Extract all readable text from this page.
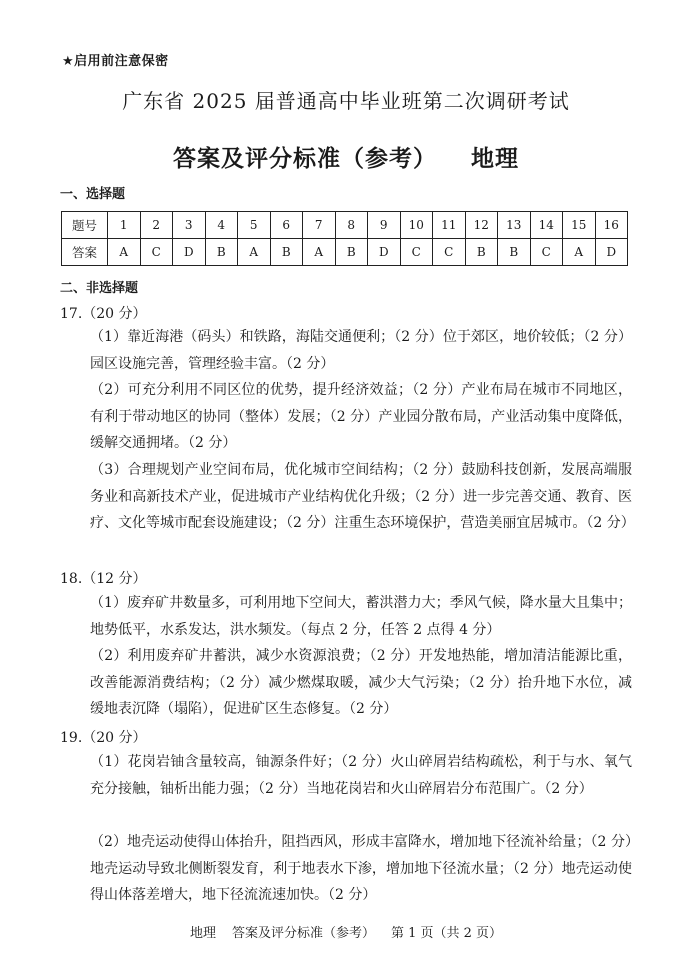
★启用前注意保密
广东省 2025 届普通高中毕业班第二次调研考试
答案及评分标准（参考） 地理
一、选择题
题号	1	2	3	4	5	6	7	8	9	10	11	12	13	14	15	16
答案	A	C	D	B	A	B	A	B	D	C	C	B	B	C	A	D
二、非选择题
17.（20 分）

（1）靠近海港（码头）和铁路，海陆交通便利；（2 分）位于郊区，地价较低；（2 分）园区设施完善，管理经验丰富。（2 分）

（2）可充分利用不同区位的优势，提升经济效益；（2 分）产业布局在城市不同地区，有利于带动地区的协同（整体）发展；（2 分）产业园分散布局，产业活动集中度降低，缓解交通拥堵。（2 分）

（3）合理规划产业空间布局，优化城市空间结构；（2 分）鼓励科技创新，发展高端服务业和高新技术产业，促进城市产业结构优化升级；（2 分）进一步完善交通、教育、医疗、文化等城市配套设施建设；（2 分）注重生态环境保护，营造美丽宜居城市。（2 分）

18.（12 分）

（1）废弃矿井数量多，可利用地下空间大，蓄洪潜力大；季风气候，降水量大且集中；地势低平，水系发达，洪水频发。（每点 2 分，任答 2 点得 4 分）

（2）利用废弃矿井蓄洪，减少水资源浪费；（2 分）开发地热能，增加清洁能源比重，改善能源消费结构；（2 分）减少燃煤取暖，减少大气污染；（2 分）抬升地下水位，减缓地表沉降（塌陷），促进矿区生态修复。（2 分）

19.（20 分）

（1）花岗岩铀含量较高，铀源条件好；（2 分）火山碎屑岩结构疏松，利于与水、氧气充分接触，铀析出能力强；（2 分）当地花岗岩和火山碎屑岩分布范围广。（2 分）

（2）地壳运动使得山体抬升，阻挡西风，形成丰富降水，增加地下径流补给量；（2 分）地壳运动导致北侧断裂发育，利于地表水下渗，增加地下径流水量；（2 分）地壳运动使得山体落差增大，地下径流流速加快。（2 分）

地理 答案及评分标准（参考） 第 1 页（共 2 页）
